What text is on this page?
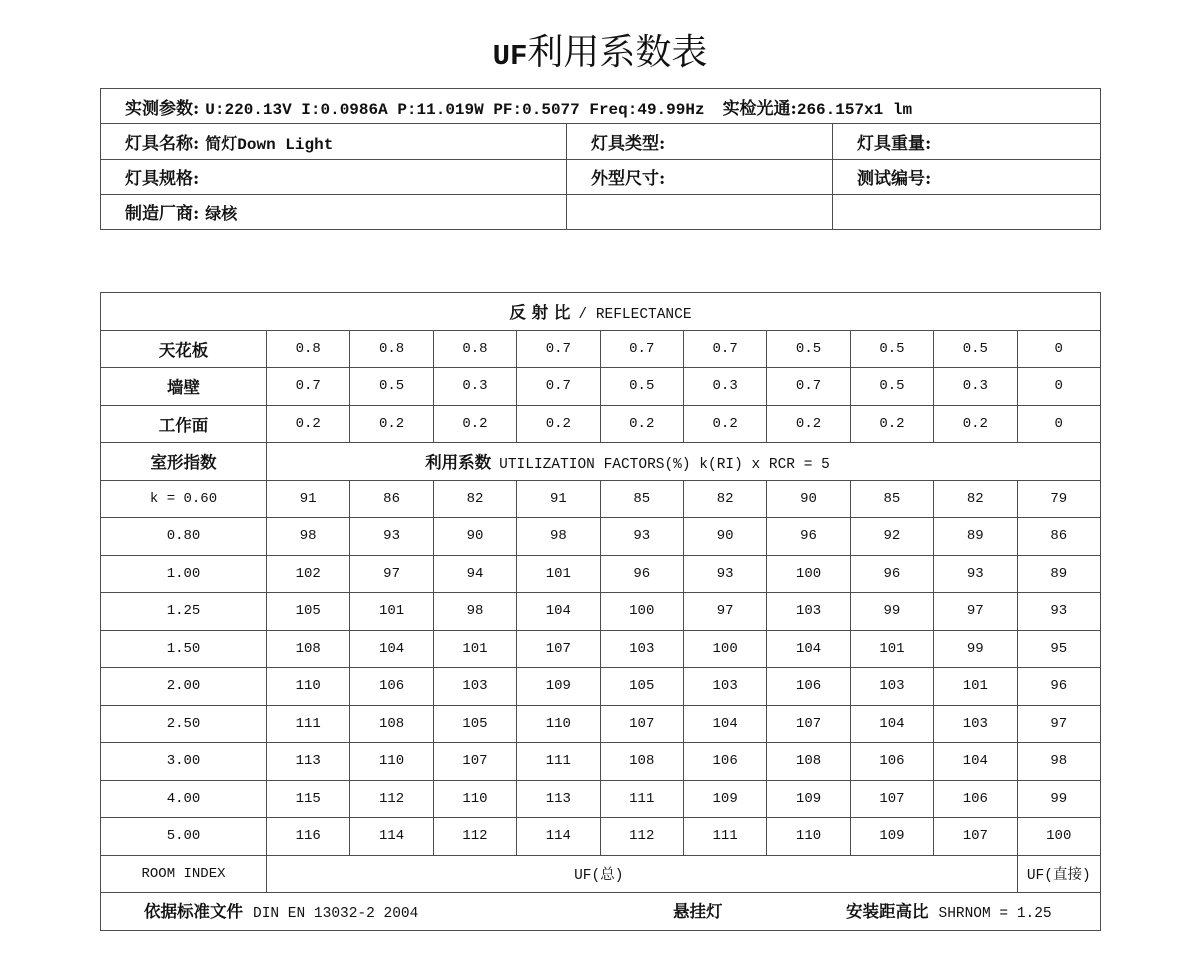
UF利用系数表
实测参数: U:220.13V I:0.0986A P:11.019W PF:0.5077 Freq:49.99Hz 实检光通:266.157x1 lm		
灯具名称: 简灯Down Light	灯具类型:	灯具重量:
灯具规格:	外型尺寸:	测试编号:
制造厂商: 绿核		
反 射 比 / REFLECTANCE										
天花板	0.8	0.8	0.8	0.7	0.7	0.7	0.5	0.5	0.5	0
墙壁	0.7	0.5	0.3	0.7	0.5	0.3	0.7	0.5	0.3	0
工作面	0.2	0.2	0.2	0.2	0.2	0.2	0.2	0.2	0.2	0
室形指数	利用系数 UTILIZATION FACTORS(%) k(RI) x RCR = 5									
k = 0.60	91	86	82	91	85	82	90	85	82	79
0.80	98	93	90	98	93	90	96	92	89	86
1.00	102	97	94	101	96	93	100	96	93	89
1.25	105	101	98	104	100	97	103	99	97	93
1.50	108	104	101	107	103	100	104	101	99	95
2.00	110	106	103	109	105	103	106	103	101	96
2.50	111	108	105	110	107	104	107	104	103	97
3.00	113	110	107	111	108	106	108	106	104	98
4.00	115	112	110	113	111	109	109	107	106	99
5.00	116	114	112	114	112	111	110	109	107	100
ROOM INDEX	UF(总)									UF(直接)

依据标准文件 DIN EN 13032-2 2004 悬挂灯 安装距高比 SHRNOM = 1.25										
